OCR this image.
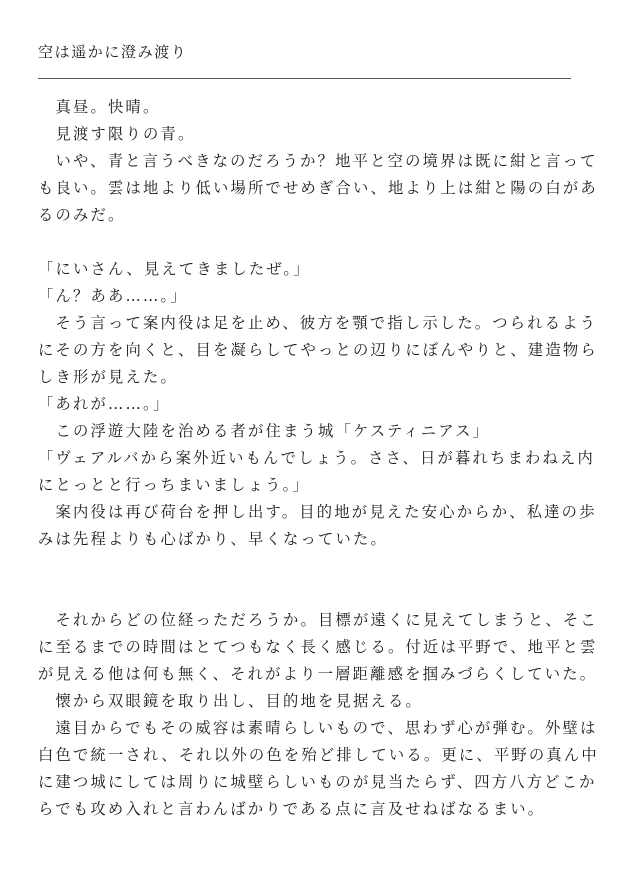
空は遥かに澄み渡り
　真昼。快晴。
　見渡す限りの青。
　いや、青と言うべきなのだろうか？地平と空の境界は既に紺と言って
も良い。雲は地より低い場所でせめぎ合い、地より上は紺と陽の白があ
るのみだ。
「にいさん、見えてきましたぜ。」
「ん？ああ……。」
　そう言って案内役は足を止め、彼方を顎で指し示した。つられるよう
にその方を向くと、目を凝らしてやっとの辺りにぼんやりと、建造物ら
しき形が見えた。
「あれが……。」
　この浮遊大陸を治める者が住まう城「ケスティニアス」
「ヴェアルバから案外近いもんでしょう。ささ、日が暮れちまわねえ内
にとっとと行っちまいましょう。」
　案内役は再び荷台を押し出す。目的地が見えた安心からか、私達の歩
みは先程よりも心ばかり、早くなっていた。
　それからどの位経っただろうか。目標が遠くに見えてしまうと、そこ
に至るまでの時間はとてつもなく長く感じる。付近は平野で、地平と雲
が見える他は何も無く、それがより一層距離感を掴みづらくしていた。
　懐から双眼鏡を取り出し、目的地を見据える。
　遠目からでもその威容は素晴らしいもので、思わず心が弾む。外壁は
白色で統一され、それ以外の色を殆ど排している。更に、平野の真ん中
に建つ城にしては周りに城壁らしいものが見当たらず、四方八方どこか
らでも攻め入れと言わんばかりである点に言及せねばなるまい。
